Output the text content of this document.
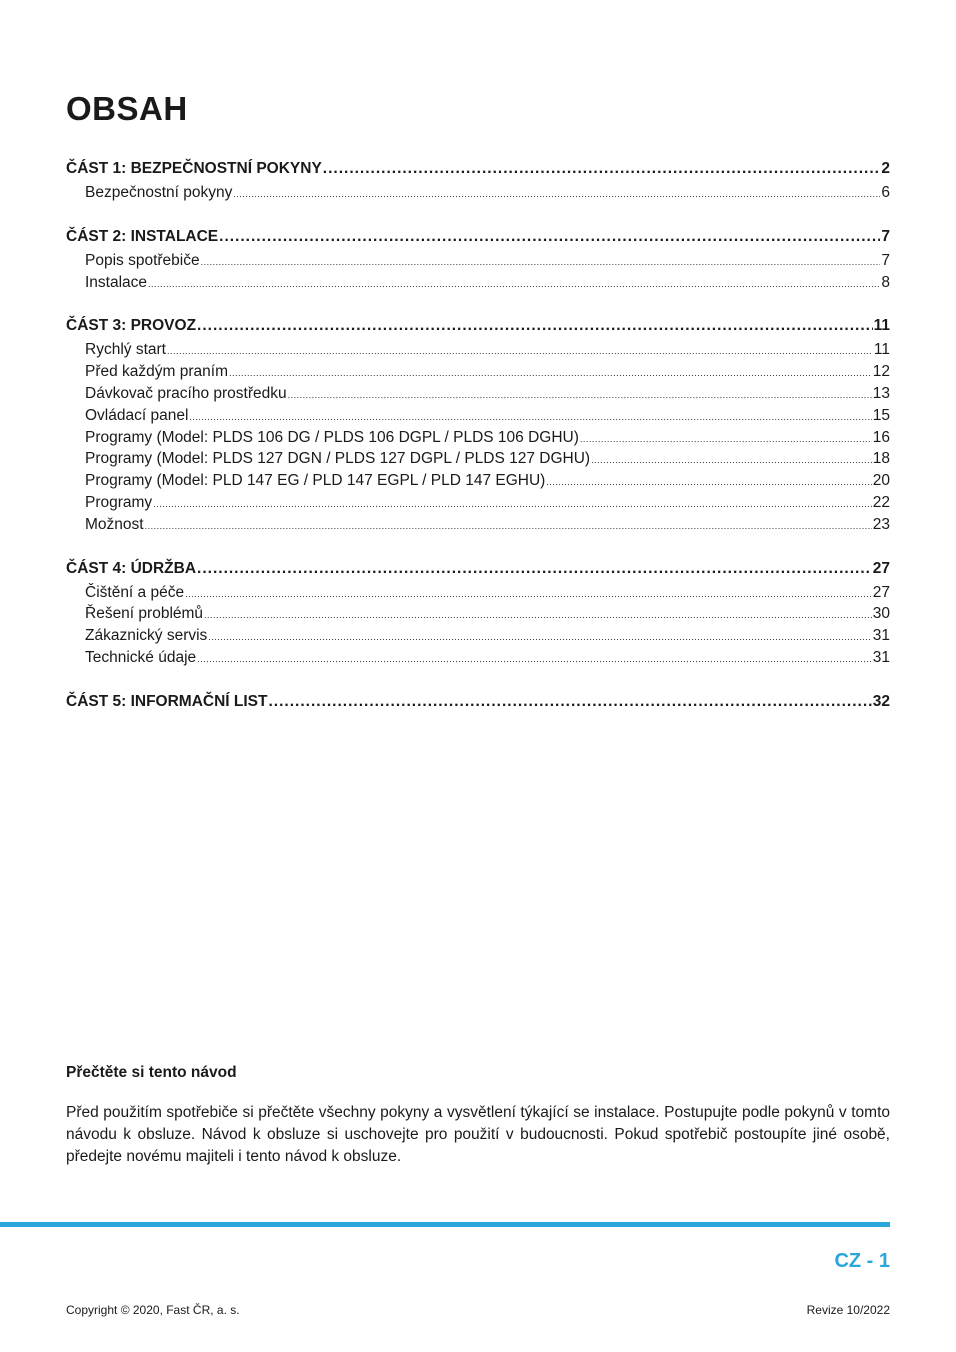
OBSAH
ČÁST 1: BEZPEČNOSTNÍ POKYNY .....	2
Bezpečnostní pokyny .....	6
ČÁST 2: INSTALACE .....	7
Popis spotřebiče .....	7
Instalace .....	8
ČÁST 3: PROVOZ .....	11
Rychlý start .....	11
Před každým praním .....	12
Dávkovač pracího prostředku .....	13
Ovládací panel .....	15
Programy (Model: PLDS 106 DG / PLDS 106 DGPL / PLDS 106 DGHU) .....	16
Programy (Model: PLDS 127 DGN / PLDS 127 DGPL / PLDS 127 DGHU) .....	18
Programy (Model: PLD 147 EG / PLD 147 EGPL / PLD 147 EGHU) .....	20
Programy .....	22
Možnost .....	23
ČÁST 4: ÚDRŽBA .....	27
Čištění a péče .....	27
Řešení problémů .....	30
Zákaznický servis .....	31
Technické údaje .....	31
ČÁST 5: INFORMAČNÍ LIST .....	32
Přečtěte si tento návod

Před použitím spotřebiče si přečtěte všechny pokyny a vysvětlení týkající se instalace. Postupujte podle pokynů v tomto návodu k obsluze. Návod k obsluze si uschovejte pro použití v budoucnosti. Pokud spotřebič postoupíte jiné osobě, předejte novému majiteli i tento návod k obsluze.

CZ - 1
Copyright © 2020, Fast ČR, a. s.	Revize 10/2022
